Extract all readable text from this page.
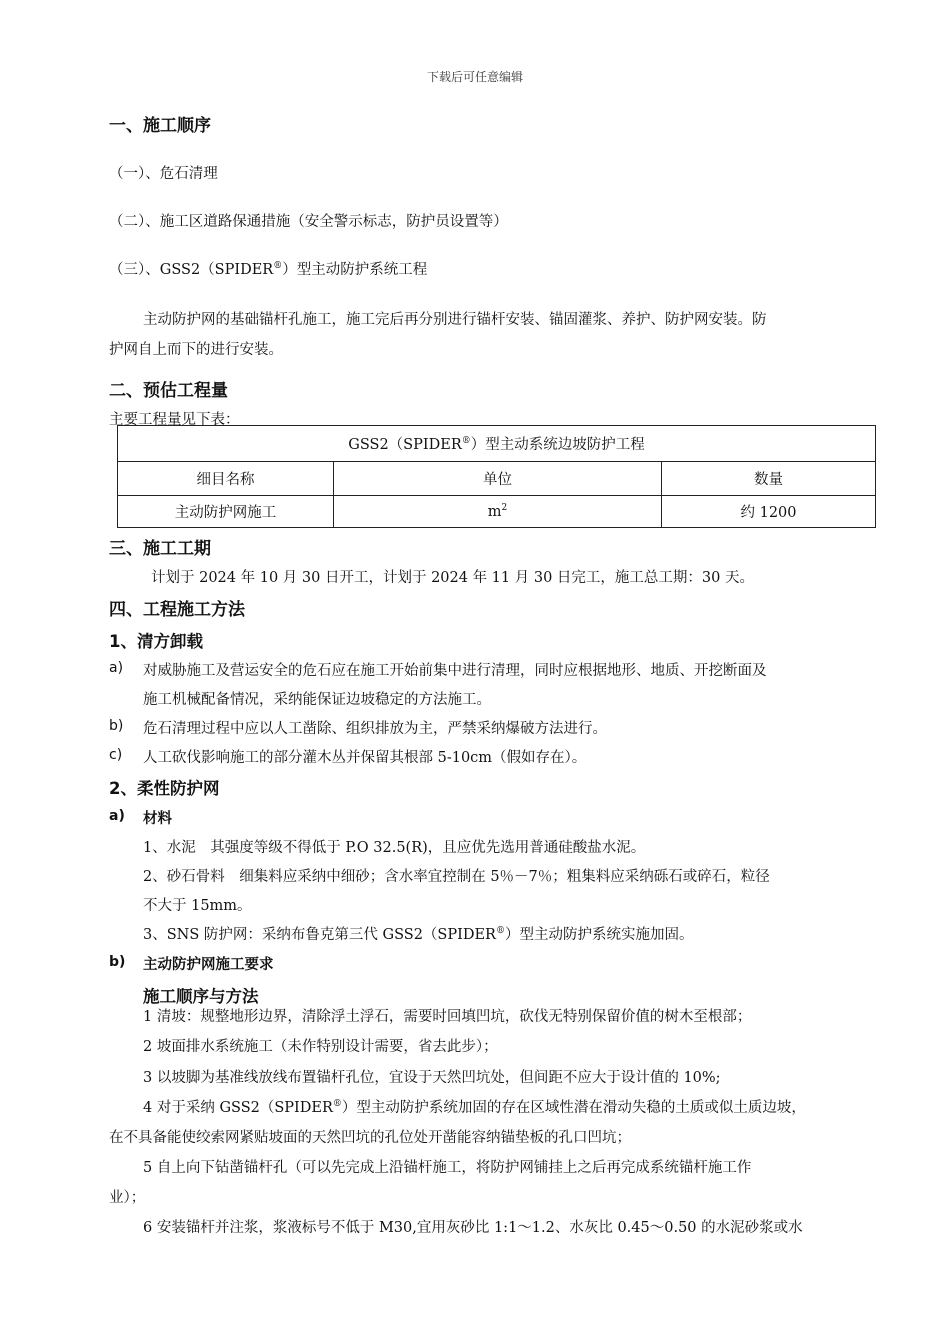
下载后可任意编辑
一、施工顺序
（一）、危石清理
（二）、施工区道路保通措施（安全警示标志，防护员设置等）
（三）、GSS2（SPIDER®）型主动防护系统工程
主动防护网的基础锚杆孔施工，施工完后再分别进行锚杆安装、锚固灌浆、养护、防护网安装。防
护网自上而下的进行安装。
二、预估工程量
主要工程量见下表：
GSS2（SPIDER®）型主动系统边坡防护工程		
细目名称	单位	数量
主动防护网施工	$m^2$	约 1200
三、施工工期
计划于 2024 年 10 月 30 日开工，计划于 2024 年 11 月 30 日完工，施工总工期：30 天。
四、工程施工方法
1、清方卸载
a) 对威胁施工及营运安全的危石应在施工开始前集中进行清理，同时应根据地形、地质、开挖断面及
施工机械配备情况，采纳能保证边坡稳定的方法施工。
b) 危石清理过程中应以人工凿除、组织排放为主，严禁采纳爆破方法进行。
c) 人工砍伐影响施工的部分灌木丛并保留其根部 5-10cm（假如存在）。
2、柔性防护网
a) 材料
1、水泥　其强度等级不得低于 P.O 32.5(R)，且应优先选用普通硅酸盐水泥。
2、砂石骨料　细集料应采纳中细砂；含水率宜控制在 5％－7％；粗集料应采纳砾石或碎石，粒径
不大于 15mm。
3、SNS 防护网：采纳布鲁克第三代 GSS2（SPIDER®）型主动防护系统实施加固。
b) 主动防护网施工要求
施工顺序与方法
1 清坡：规整地形边界，清除浮土浮石，需要时回填凹坑，砍伐无特别保留价值的树木至根部；
2 坡面排水系统施工（未作特别设计需要，省去此步）；
3 以坡脚为基准线放线布置锚杆孔位，宜设于天然凹坑处，但间距不应大于设计值的 10%;
4 对于采纳 GSS2（SPIDER®）型主动防护系统加固的存在区域性潜在滑动失稳的土质或似土质边坡，
在不具备能使绞索网紧贴坡面的天然凹坑的孔位处开凿能容纳锚垫板的孔口凹坑；
5 自上向下钻凿锚杆孔（可以先完成上沿锚杆施工，将防护网铺挂上之后再完成系统锚杆施工作
业）；
6 安装锚杆并注浆，浆液标号不低于 M30,宜用灰砂比 1:1～1.2、水灰比 0.45～0.50 的水泥砂浆或水
